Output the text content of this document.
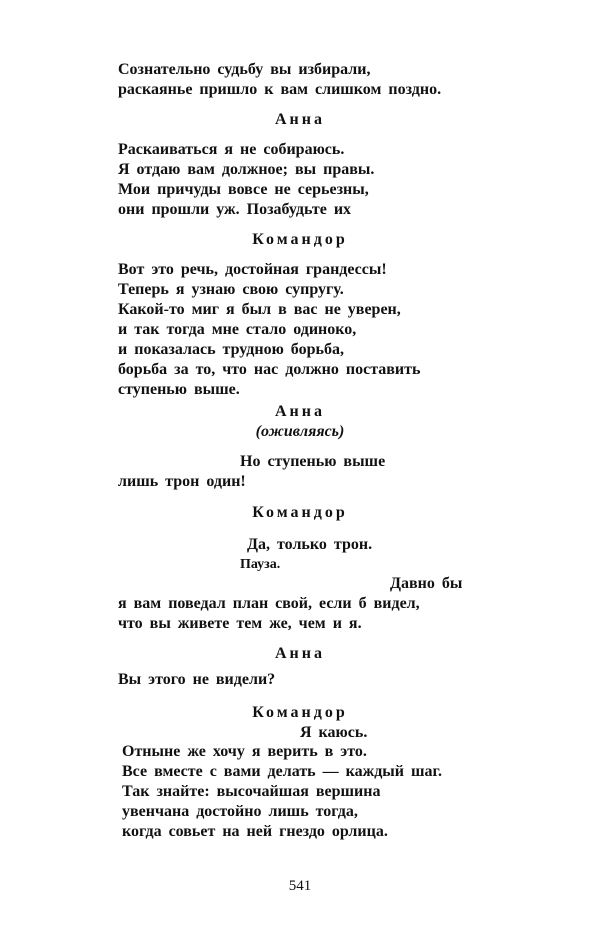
Сознательно судьбу вы избирали,
раскаянье пришло к вам слишком поздно.
Анна
Раскаиваться я не собираюсь.
Я отдаю вам должное; вы правы.
Мои причуды вовсе не серьезны,
они прошли уж. Позабудьте их
Командор
Вот это речь, достойная грандессы!
Теперь я узнаю свою супругу.
Какой-то миг я был в вас не уверен,
и так тогда мне стало одиноко,
и показалась трудною борьба,
борьба за то, что нас должно поставить
ступенью выше.
Анна
(оживляясь)
Но ступенью выше
лишь трон один!
Командор
Да, только трон.
Пауза.
Давно бы
я вам поведал план свой, если б видел,
что вы живете тем же, чем и я.
Анна
Вы этого не видели?
Командор
Я каюсь.
Отныне же хочу я верить в это.
Все вместе с вами делать — каждый шаг.
Так знайте: высочайшая вершина
увенчана достойно лишь тогда,
когда совьет на ней гнездо орлица.
541
